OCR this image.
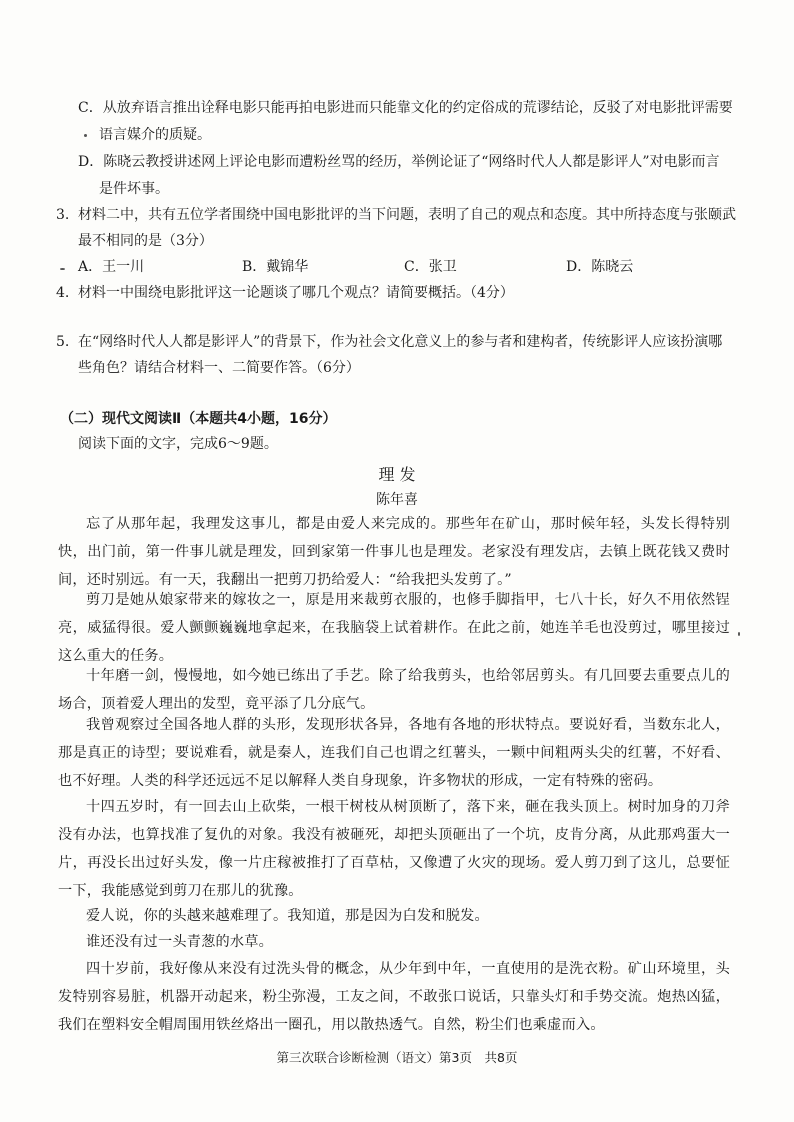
C．从放弃语言推出诠释电影只能再拍电影进而只能靠文化的约定俗成的荒谬结论，反驳了对电影批评需要
语言媒介的质疑。
D．陈晓云教授讲述网上评论电影而遭粉丝骂的经历，举例论证了“网络时代人人都是影评人”对电影而言
是件坏事。
3. 材料二中，共有五位学者围绕中国电影批评的当下问题，表明了自己的观点和态度。其中所持态度与张颐武
最不相同的是（3分）
A．王一川	B．戴锦华	C．张卫	D．陈晓云
4. 材料一中围绕电影批评这一论题谈了哪几个观点？请简要概括。（4分）
5. 在“网络时代人人都是影评人”的背景下，作为社会文化意义上的参与者和建构者，传统影评人应该扮演哪
些角色？请结合材料一、二简要作答。（6分）
（二）现代文阅读Ⅱ（本题共4小题，16分）
阅读下面的文字，完成6～9题。
理 发
陈年喜
忘了从那年起，我理发这事儿，都是由爱人来完成的。那些年在矿山，那时候年轻，头发长得特别快，出门前，第一件事儿就是理发，回到家第一件事儿也是理发。老家没有理发店，去镇上既花钱又费时间，还时别远。有一天，我翻出一把剪刀扔给爱人：“给我把头发剪了。”
剪刀是她从娘家带来的嫁妆之一，原是用来裁剪衣服的，也修手脚指甲，七八十长，好久不用依然锃亮，威猛得很。爱人颤颤巍巍地拿起来，在我脑袋上试着耕作。在此之前，她连羊毛也没剪过，哪里接过这么重大的任务。
十年磨一剑，慢慢地，如今她已练出了手艺。除了给我剪头，也给邻居剪头。有几回要去重要点儿的场合，顶着爱人理出的发型，竟平添了几分底气。
我曾观察过全国各地人群的头形，发现形状各异，各地有各地的形状特点。要说好看，当数东北人，那是真正的诗型；要说难看，就是秦人，连我们自己也谓之红薯头，一颗中间粗两头尖的红薯，不好看、也不好理。人类的科学还远远不足以解释人类自身现象，许多物状的形成，一定有特殊的密码。
十四五岁时，有一回去山上砍柴，一根干树枝从树顶断了，落下来，砸在我头顶上。树时加身的刀斧没有办法，也算找准了复仇的对象。我没有被砸死，却把头顶砸出了一个坑，皮肯分离，从此那鸡蛋大一片，再没长出过好头发，像一片庄稼被推打了百草枯，又像遭了火灾的现场。爱人剪刀到了这儿，总要怔一下，我能感觉到剪刀在那儿的犹豫。
爱人说，你的头越来越难理了。我知道，那是因为白发和脱发。
谁还没有过一头青葱的水草。
四十岁前，我好像从来没有过洗头骨的概念，从少年到中年，一直使用的是洗衣粉。矿山环境里，头发特别容易脏，机器开动起来，粉尘弥漫，工友之间，不敢张口说话，只靠头灯和手势交流。炮热凶猛，我们在塑料安全帽周围用铁丝烙出一圈孔，用以散热透气。自然，粉尘们也乘虚而入。
第三次联合诊断检测（语文）第3页　共8页
